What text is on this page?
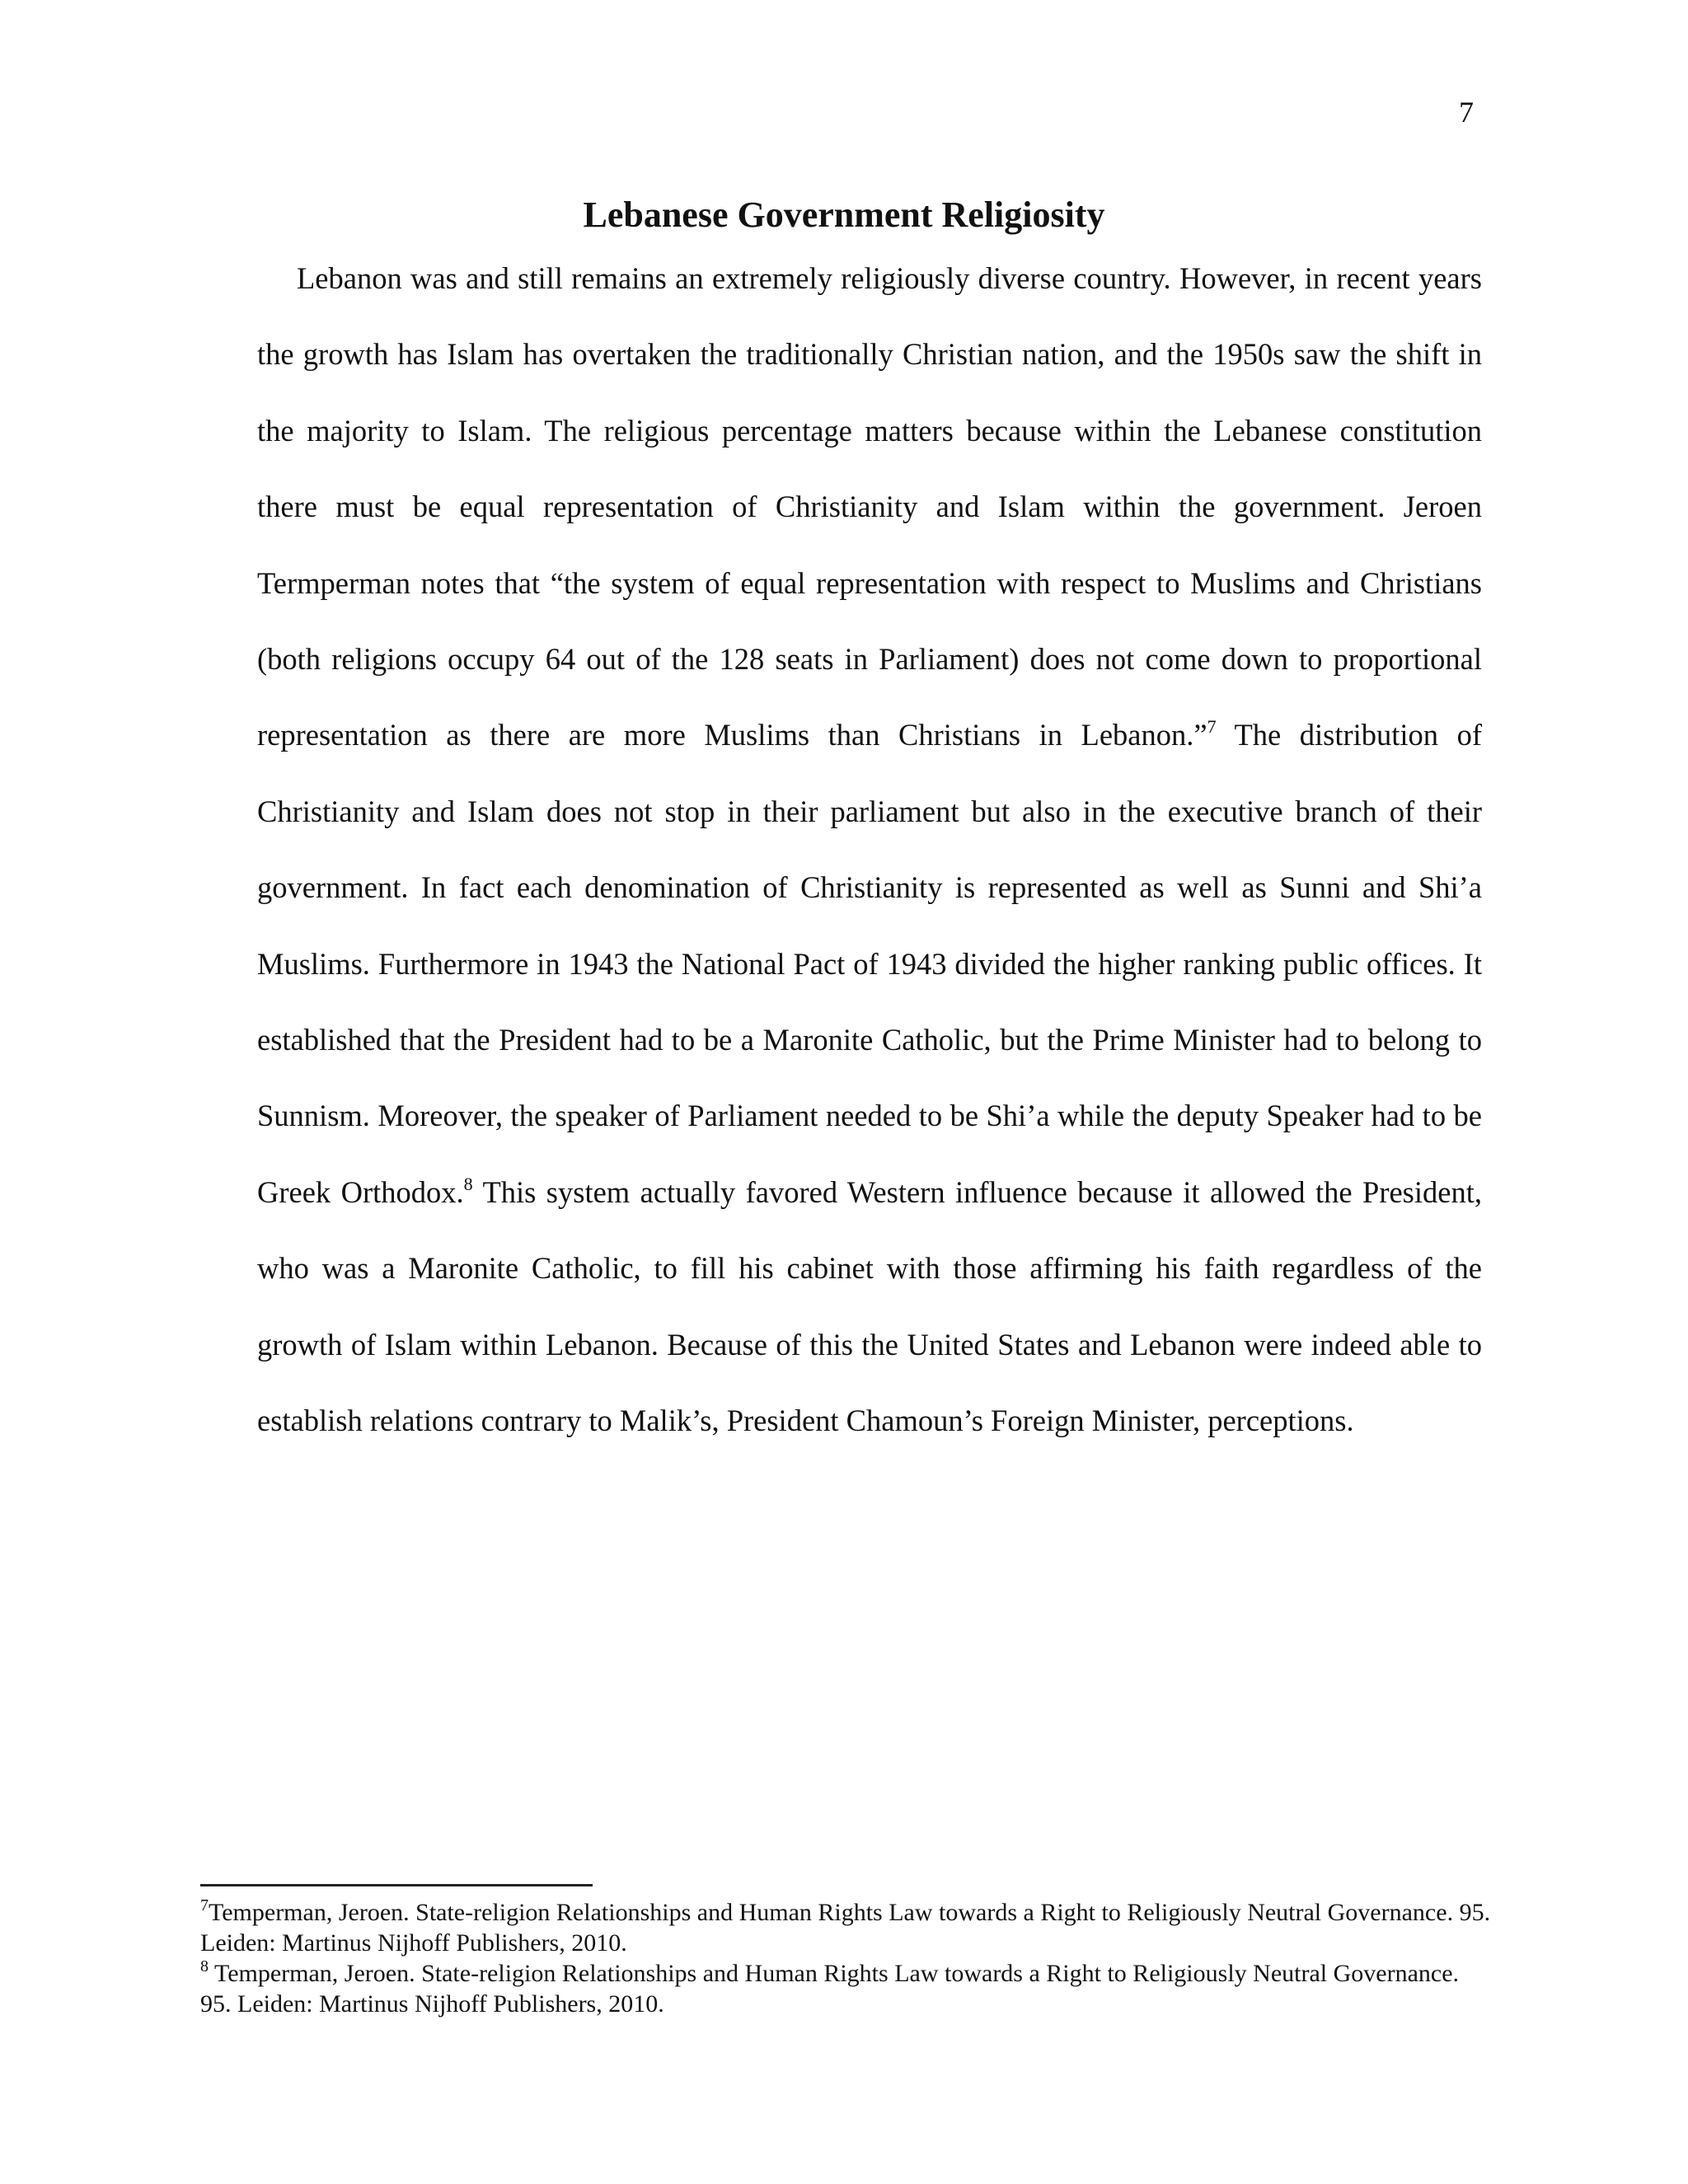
7
Lebanese Government Religiosity

Lebanon was and still remains an extremely religiously diverse country. However, in recent years the growth has Islam has overtaken the traditionally Christian nation, and the 1950s saw the shift in the majority to Islam. The religious percentage matters because within the Lebanese constitution there must be equal representation of Christianity and Islam within the government. Jeroen Termperman notes that “the system of equal representation with respect to Muslims and Christians (both religions occupy 64 out of the 128 seats in Parliament) does not come down to proportional representation as there are more Muslims than Christians in Lebanon.”$^7$ The distribution of Christianity and Islam does not stop in their parliament but also in the executive branch of their government. In fact each denomination of Christianity is represented as well as Sunni and Shi’a Muslims. Furthermore in 1943 the National Pact of 1943 divided the higher ranking public offices. It established that the President had to be a Maronite Catholic, but the Prime Minister had to belong to Sunnism. Moreover, the speaker of Parliament needed to be Shi’a while the deputy Speaker had to be Greek Orthodox.$^8$ This system actually favored Western influence because it allowed the President, who was a Maronite Catholic, to fill his cabinet with those affirming his faith regardless of the growth of Islam within Lebanon. Because of this the United States and Lebanon were indeed able to establish relations contrary to Malik’s, President Chamoun’s Foreign Minister, perceptions.

$^7$Temperman, Jeroen. State-religion Relationships and Human Rights Law towards a Right to Religiously Neutral Governance. 95. Leiden: Martinus Nijhoff Publishers, 2010.

$^8$ Temperman, Jeroen. State-religion Relationships and Human Rights Law towards a Right to Religiously Neutral Governance. 95. Leiden: Martinus Nijhoff Publishers, 2010.
